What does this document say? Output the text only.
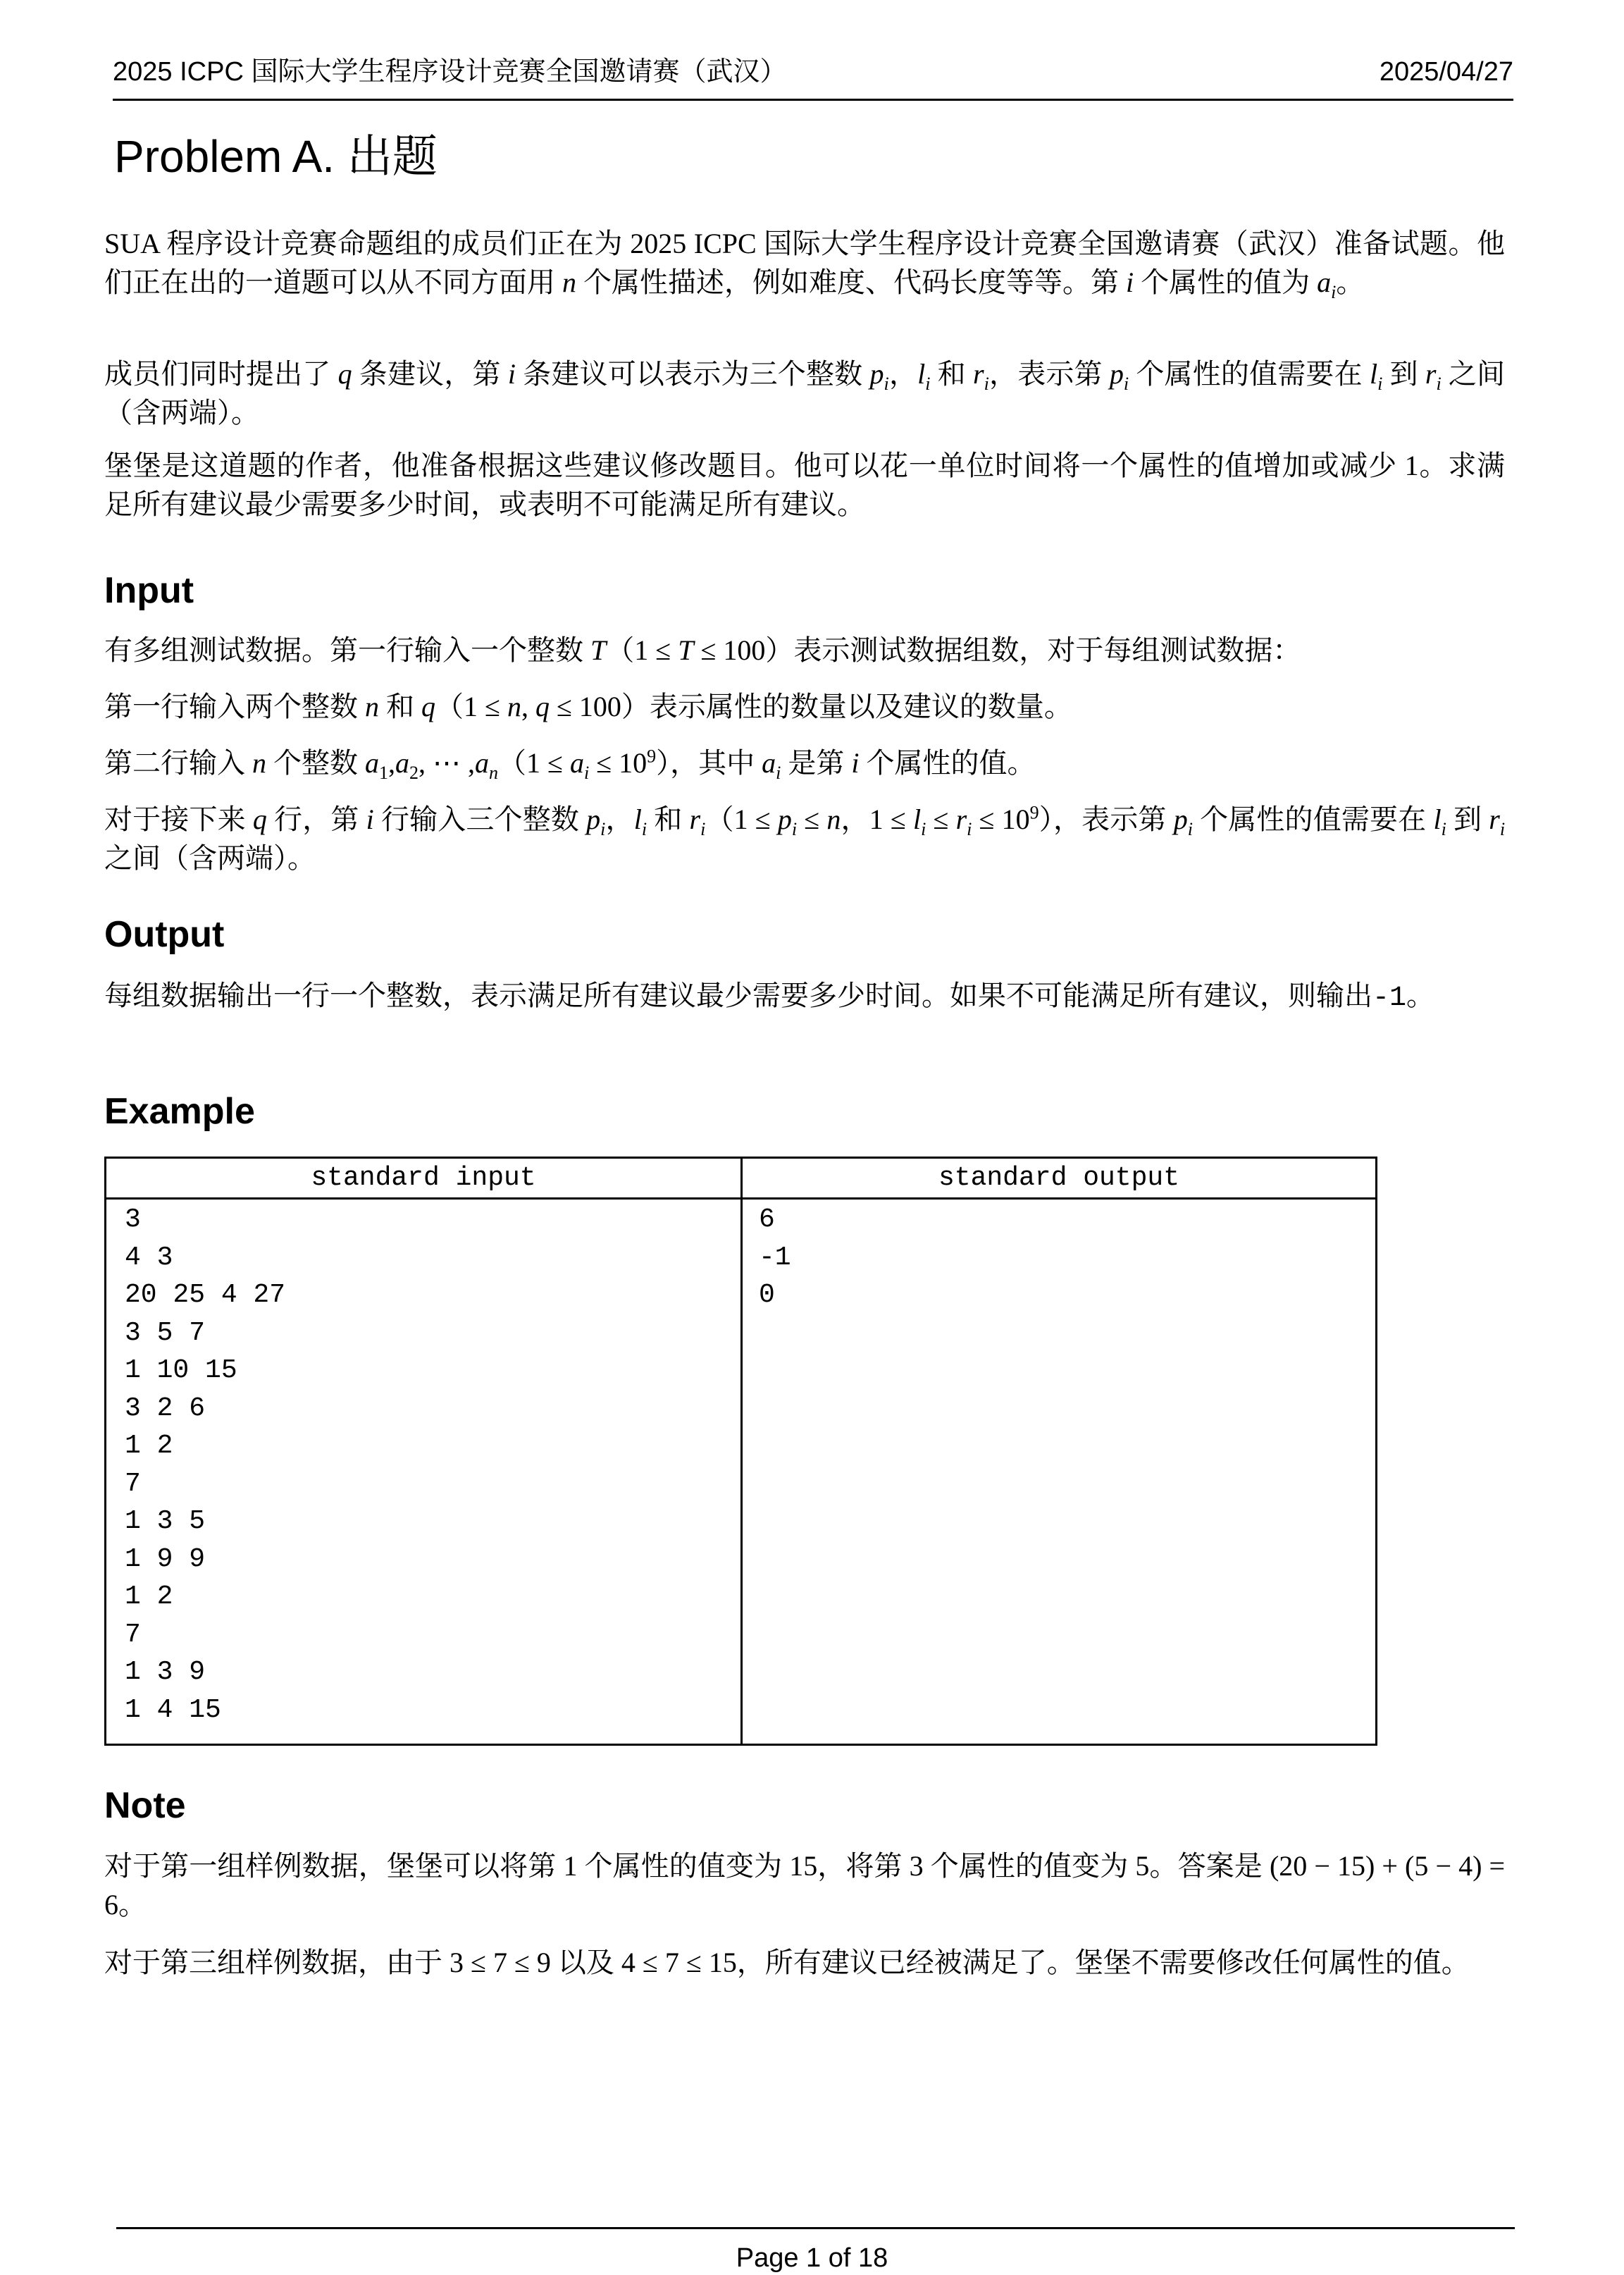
2025 ICPC 国际大学生程序设计竞赛全国邀请赛（武汉）	2025/04/27
Problem A. 出题
SUA 程序设计竞赛命题组的成员们正在为 2025 ICPC 国际大学生程序设计竞赛全国邀请赛（武汉）准备试题。他们正在出的一道题可以从不同方面用 n 个属性描述，例如难度、代码长度等等。第 i 个属性的值为 $a_i$。
成员们同时提出了 q 条建议，第 i 条建议可以表示为三个整数 $p_i$，$l_i$ 和 $r_i$，表示第 $p_i$ 个属性的值需要在 $l_i$ 到 $r_i$ 之间（含两端）。
堡堡是这道题的作者，他准备根据这些建议修改题目。他可以花一单位时间将一个属性的值增加或减少 1。求满足所有建议最少需要多少时间，或表明不可能满足所有建议。
Input
有多组测试数据。第一行输入一个整数 T（1 ≤ T ≤ 100）表示测试数据组数，对于每组测试数据：
第一行输入两个整数 n 和 q（1 ≤ n, q ≤ 100）表示属性的数量以及建议的数量。
第二行输入 n 个整数 $a_1,a_2$, ⋯ $,a_n(1 \le a_i \le 10^9)$，其中 $a_i$ 是第 i 个属性的值。
对于接下来 q 行，第 i 行输入三个整数 $p_i$，$l_i$ 和 $r_i(1 \le p_i \le n$，$1 \le l_i \le r_i \le 10^9$），表示第 $p_i$ 个属性的值需要在 $l_i$ 到 $r_i$ 之间（含两端）。
Output
每组数据输出一行一个整数，表示满足所有建议最少需要多少时间。如果不可能满足所有建议，则输出-1。
Example
standard input	standard output
3
4 3
20 25 4 27
3 5 7
1 10 15
3 2 6
1 2
7
1 3 5
1 9 9
1 2
7
1 3 9
1 4 15
6
-1
0
Note
对于第一组样例数据，堡堡可以将第 1 个属性的值变为 15，将第 3 个属性的值变为 5。答案是 (20 − 15) + (5 − 4) = 6。
对于第三组样例数据，由于 3 ≤ 7 ≤ 9 以及 4 ≤ 7 ≤ 15，所有建议已经被满足了。堡堡不需要修改任何属性的值。
Page 1 of 18
